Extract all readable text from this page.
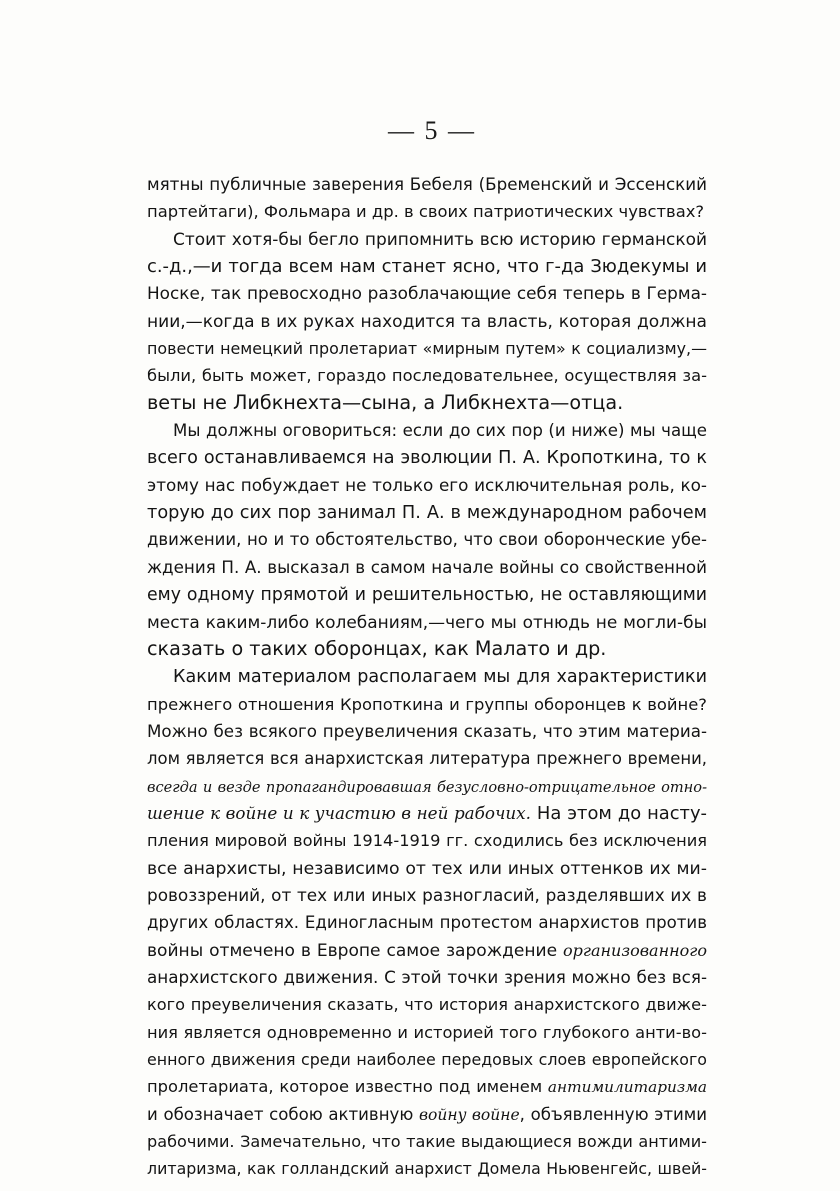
— 5 —
мятны публичные заверения Бебеля (Бременский и Эссенский
партейтаги), Фольмара и др. в своих патриотических чувствах?
Стоит хотя-бы бегло припомнить всю историю германской
с.-д.,—и тогда всем нам станет ясно, что г-да Зюдекумы и
Носке, так превосходно разоблачающие себя теперь в Герма-
нии,—когда в их руках находится та власть, которая должна
повести немецкий пролетариат «мирным путем» к социализму,—
были, быть может, гораздо последовательнее, осуществляя за-
веты не Либкнехта—сына, а Либкнехта—отца.
Мы должны оговориться: если до сих пор (и ниже) мы чаще
всего останавливаемся на эволюции П. А. Кропоткина, то к
этому нас побуждает не только его исключительная роль, ко-
торую до сих пор занимал П. А. в международном рабочем
движении, но и то обстоятельство, что свои оборонческие убе-
ждения П. А. высказал в самом начале войны со свойственной
ему одному прямотой и решительностью, не оставляющими
места каким-либо колебаниям,—чего мы отнюдь не могли-бы
сказать о таких оборонцах, как Малато и др.
Каким материалом располагаем мы для характеристики
прежнего отношения Кропоткина и группы оборонцев к войне?
Можно без всякого преувеличения сказать, что этим материа-
лом является вся анархистская литература прежнего времени,
всегда и везде пропагандировавшая безусловно-отрицательное отно-
шение к войне и к участию в ней рабочих. На этом до насту-
пления мировой войны 1914-1919 гг. сходились без исключения
все анархисты, независимо от тех или иных оттенков их ми-
ровоззрений, от тех или иных разногласий, разделявших их в
других областях. Единогласным протестом анархистов против
войны отмечено в Европе самое зарождение организованного
анархистского движения. С этой точки зрения можно без вся-
кого преувеличения сказать, что история анархистского движе-
ния является одновременно и историей того глубокого анти-во-
енного движения среди наиболее передовых слоев европейского
пролетариата, которое известно под именем антимилитаризма
и обозначает собою активную войну войне, объявленную этими
рабочими. Замечательно, что такие выдающиеся вожди антими-
литаризма, как голландский анархист Домела Ньювенгейс, швей-
